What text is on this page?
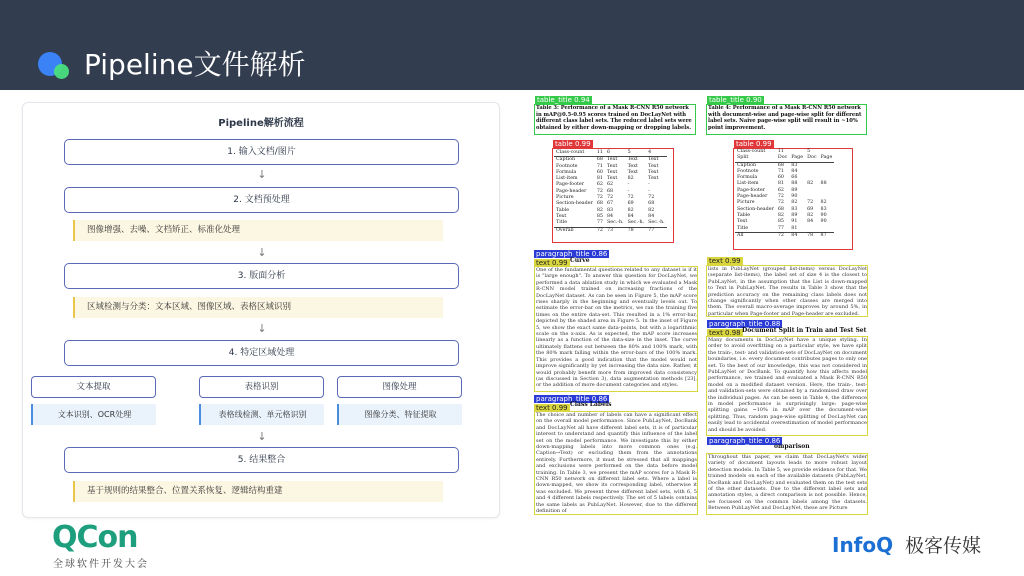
Pipeline文件解析
Pipeline解析流程
1. 输入文档/图片
↓
2. 文档预处理
图像增强、去噪、文档矫正、标准化处理
↓
3. 版面分析
区域检测与分类：文本区域、图像区域、表格区域识别
↓
4. 特定区域处理
文本提取	表格识别	图像处理
文本识别、OCR处理	表格线检测、单元格识别	图像分类、特征提取
↓
5. 结果整合
基于规则的结果整合、位置关系恢复、逻辑结构重建
table_title 0.94
Table 3: Performance of a Mask R-CNN R50 network in mAP@0.5-0.95 scores trained on DocLayNet with different class label sets. The reduced label sets were obtained by either down-mapping or dropping labels.
table 0.99
Class-count	11	6	5	4
Caption	68	Text	Text	Text
Footnote	71	Text	Text	Text
Formula	60	Text	Text	Text
List-item	81	Text	82	Text
Page-footer	62	62	-	-
Page-header	72	68	-	-
Picture	72	72	72	72
Section-header	68	67	69	68
Table	82	83	82	82
Text	85	84	84	84
Title	77	Sec.-h.	Sec.-h.	Sec.-h.
Overall	72	73	78	77
paragraph_title 0.86
text 0.99 Curve
One of the fundamental questions related to any dataset is if it is "large enough". To answer this question for DocLayNet, we performed a data ablation study in which we evaluated a Mask R-CNN model trained on increasing fractions of the DocLayNet dataset. As can be seen in Figure 5, the mAP score rises sharply in the beginning and eventually levels out. To estimate the error-bar on the metrics, we ran the training five times on the entire data-set. This resulted in a 1% error-bar, depicted by the shaded area in Figure 5. In the inset of Figure 5, we show the exact same data-points, but with a logarithmic scale on the x-axis. As is expected, the mAP score increases linearly as a function of the data-size in the inset. The curve ultimately flattens out between the 80% and 100% mark, with the 80% mark falling within the error-bars of the 100% mark. This provides a good indication that the model would not improve significantly by yet increasing the data size. Rather, it would probably benefit more from improved data consistency (as discussed in Section 3), data augmentation methods [23], or the addition of more document categories and styles.
paragraph_title 0.86
Class Labels
text 0.99
The choice and number of labels can have a significant effect on the overall model performance. Since PubLayNet, DocBank and DocLayNet all have different label sets, it is of particular interest to understand and quantify this influence of the label set on the model performance. We investigate this by either down-mapping labels into more common ones (e.g. Caption→Text) or excluding them from the annotations entirely. Furthermore, it must be stressed that all mappings and exclusions were performed on the data before model training. In Table 3, we present the mAP scores for a Mask R-CNN R50 network on different label sets. Where a label is down-mapped, we show its corresponding label, otherwise it was excluded. We present three different label sets, with 6, 5 and 4 different labels respectively. The set of 5 labels contains the same labels as PubLayNet. However, due to the different definition of
table_title 0.90
Table 4: Performance of a Mask R-CNN R50 network with document-wise and page-wise split for different label sets. Naive page-wise split will result in ~10% point improvement.
table 0.99
Class-count	11		5	
Split	Doc	Page	Doc	Page
Caption	68	83		
Footnote	71	84		
Formula	60	66		
List-item	81	88	82	88
Page-footer	62	89		
Page-header	72	90		
Picture	72	82	72	82
Section-header	68	83	69	83
Table	82	89	82	90
Text	85	91	84	90
Title	77	81		
All	72	84	78	87
text 0.99
lists in PubLayNet (grouped list-items) versus DocLayNet (separate list-items), the label set of size 4 is the closest to PubLayNet, in the assumption that the List is down-mapped to Text in PubLayNet. The results in Table 3 show that the prediction accuracy on the remaining class labels does not change significantly when other classes are merged into them. The overall macro-average improves by around 5%, in particular when Page-footer and Page-header are excluded.
paragraph_title 0.88
text 0.98 Document Split in Train and Test Set
Many documents in DocLayNet have a unique styling. In order to avoid overfitting on a particular style, we have split the train-, test- and validation-sets of DocLayNet on document boundaries, i.e. every document contributes pages to only one set. To the best of our knowledge, this was not considered in PubLayNet or DocBank. To quantify how this affects model performance, we trained and evaluated a Mask R-CNN R50 model on a modified dataset version. Here, the train-, test- and validation-sets were obtained by a randomised draw over the individual pages. As can be seen in Table 4, the difference in model performance is surprisingly large: page-wise splitting gains ~10% in mAP over the document-wise splitting. Thus, random page-wise splitting of DocLayNet can easily lead to accidental overestimation of model performance and should be avoided.
paragraph_title 0.86
omparison
Throughout this paper, we claim that DocLayNet's wider variety of document layouts leads to more robust layout detection models. In Table 5, we provide evidence for that. We trained models on each of the available datasets (PubLayNet, DocBank and DocLayNet) and evaluated them on the test sets of the other datasets. Due to the different label sets and annotation styles, a direct comparison is not possible. Hence, we focussed on the common labels among the datasets. Between PubLayNet and DocLayNet, these are Picture
QCon
全球软件开发大会
InfoQ 极客传媒
